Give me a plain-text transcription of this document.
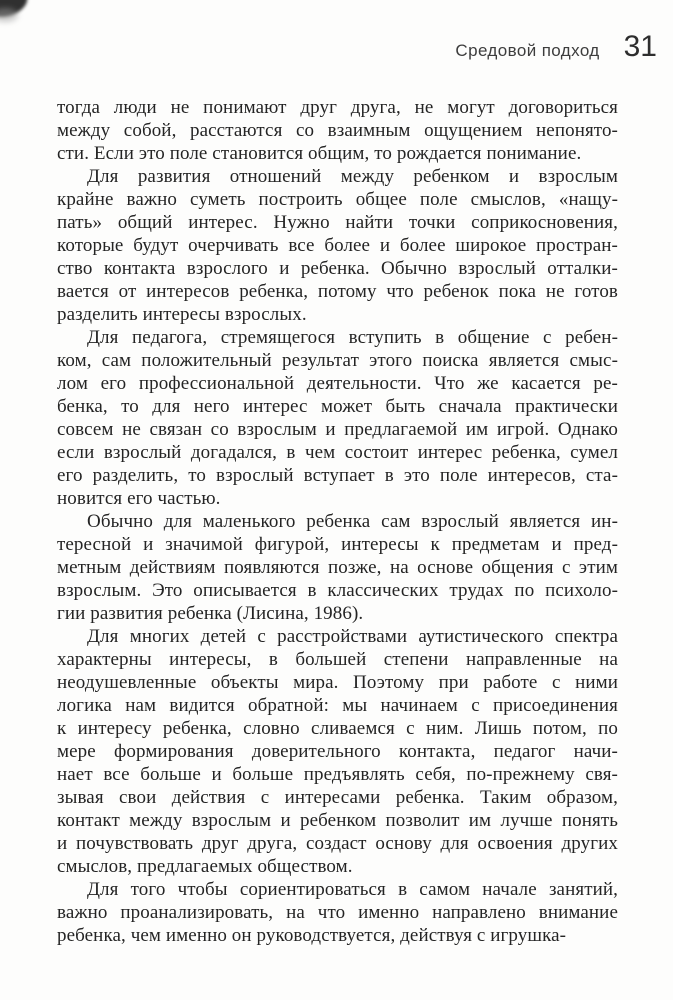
Средовой подход 31
тогда люди не понимают друг друга, не могут договориться
между собой, расстаются со взаимным ощущением непонято-
сти. Если это поле становится общим, то рождается понимание.
Для развития отношений между ребенком и взрослым
крайне важно суметь построить общее поле смыслов, «нащу-
пать» общий интерес. Нужно найти точки соприкосновения,
которые будут очерчивать все более и более широкое простран-
ство контакта взрослого и ребенка. Обычно взрослый отталки-
вается от интересов ребенка, потому что ребенок пока не готов
разделить интересы взрослых.
Для педагога, стремящегося вступить в общение с ребен-
ком, сам положительный результат этого поиска является смыс-
лом его профессиональной деятельности. Что же касается ре-
бенка, то для него интерес может быть сначала практически
совсем не связан со взрослым и предлагаемой им игрой. Однако
если взрослый догадался, в чем состоит интерес ребенка, сумел
его разделить, то взрослый вступает в это поле интересов, ста-
новится его частью.
Обычно для маленького ребенка сам взрослый является ин-
тересной и значимой фигурой, интересы к предметам и пред-
метным действиям появляются позже, на основе общения с этим
взрослым. Это описывается в классических трудах по психоло-
гии развития ребенка (Лисина, 1986).
Для многих детей с расстройствами аутистического спектра
характерны интересы, в большей степени направленные на
неодушевленные объекты мира. Поэтому при работе с ними
логика нам видится обратной: мы начинаем с присоединения
к интересу ребенка, словно сливаемся с ним. Лишь потом, по
мере формирования доверительного контакта, педагог начи-
нает все больше и больше предъявлять себя, по-прежнему свя-
зывая свои действия с интересами ребенка. Таким образом,
контакт между взрослым и ребенком позволит им лучше понять
и почувствовать друг друга, создаст основу для освоения других
смыслов, предлагаемых обществом.
Для того чтобы сориентироваться в самом начале занятий,
важно проанализировать, на что именно направлено внимание
ребенка, чем именно он руководствуется, действуя с игрушка-
